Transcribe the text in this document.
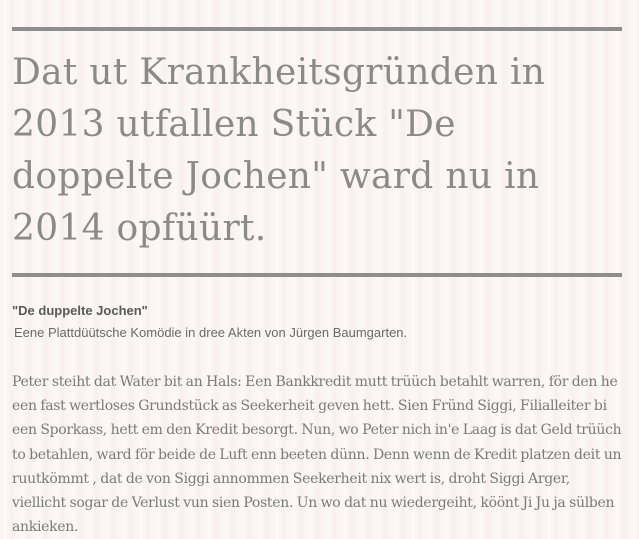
Dat ut Krankheitsgründen in 2013 utfallen Stück "De doppelte Jochen" ward nu in 2014 opfüürt.
"De duppelte Jochen"
Eene Plattdüütsche Komödie in dree Akten von Jürgen Baumgarten.

Peter steiht dat Water bit an Hals: Een Bankkredit mutt trüüch betahlt warren, för den he een fast wertloses Grundstück as Seekerheit geven hett. Sien Fründ Siggi, Filialleiter bi een Sporkass, hett em den Kredit besorgt. Nun, wo Peter nich in'e Laag is dat Geld trüüch to betahlen, ward för beide de Luft enn beeten dünn. Denn wenn de Kredit platzen deit un ruutkömmt , dat de von Siggi annommen Seekerheit nix wert is, droht Siggi Arger, viellicht sogar de Verlust vun sien Posten. Un wo dat nu wiedergeiht, köönt Ji Ju ja sülben ankieken.
